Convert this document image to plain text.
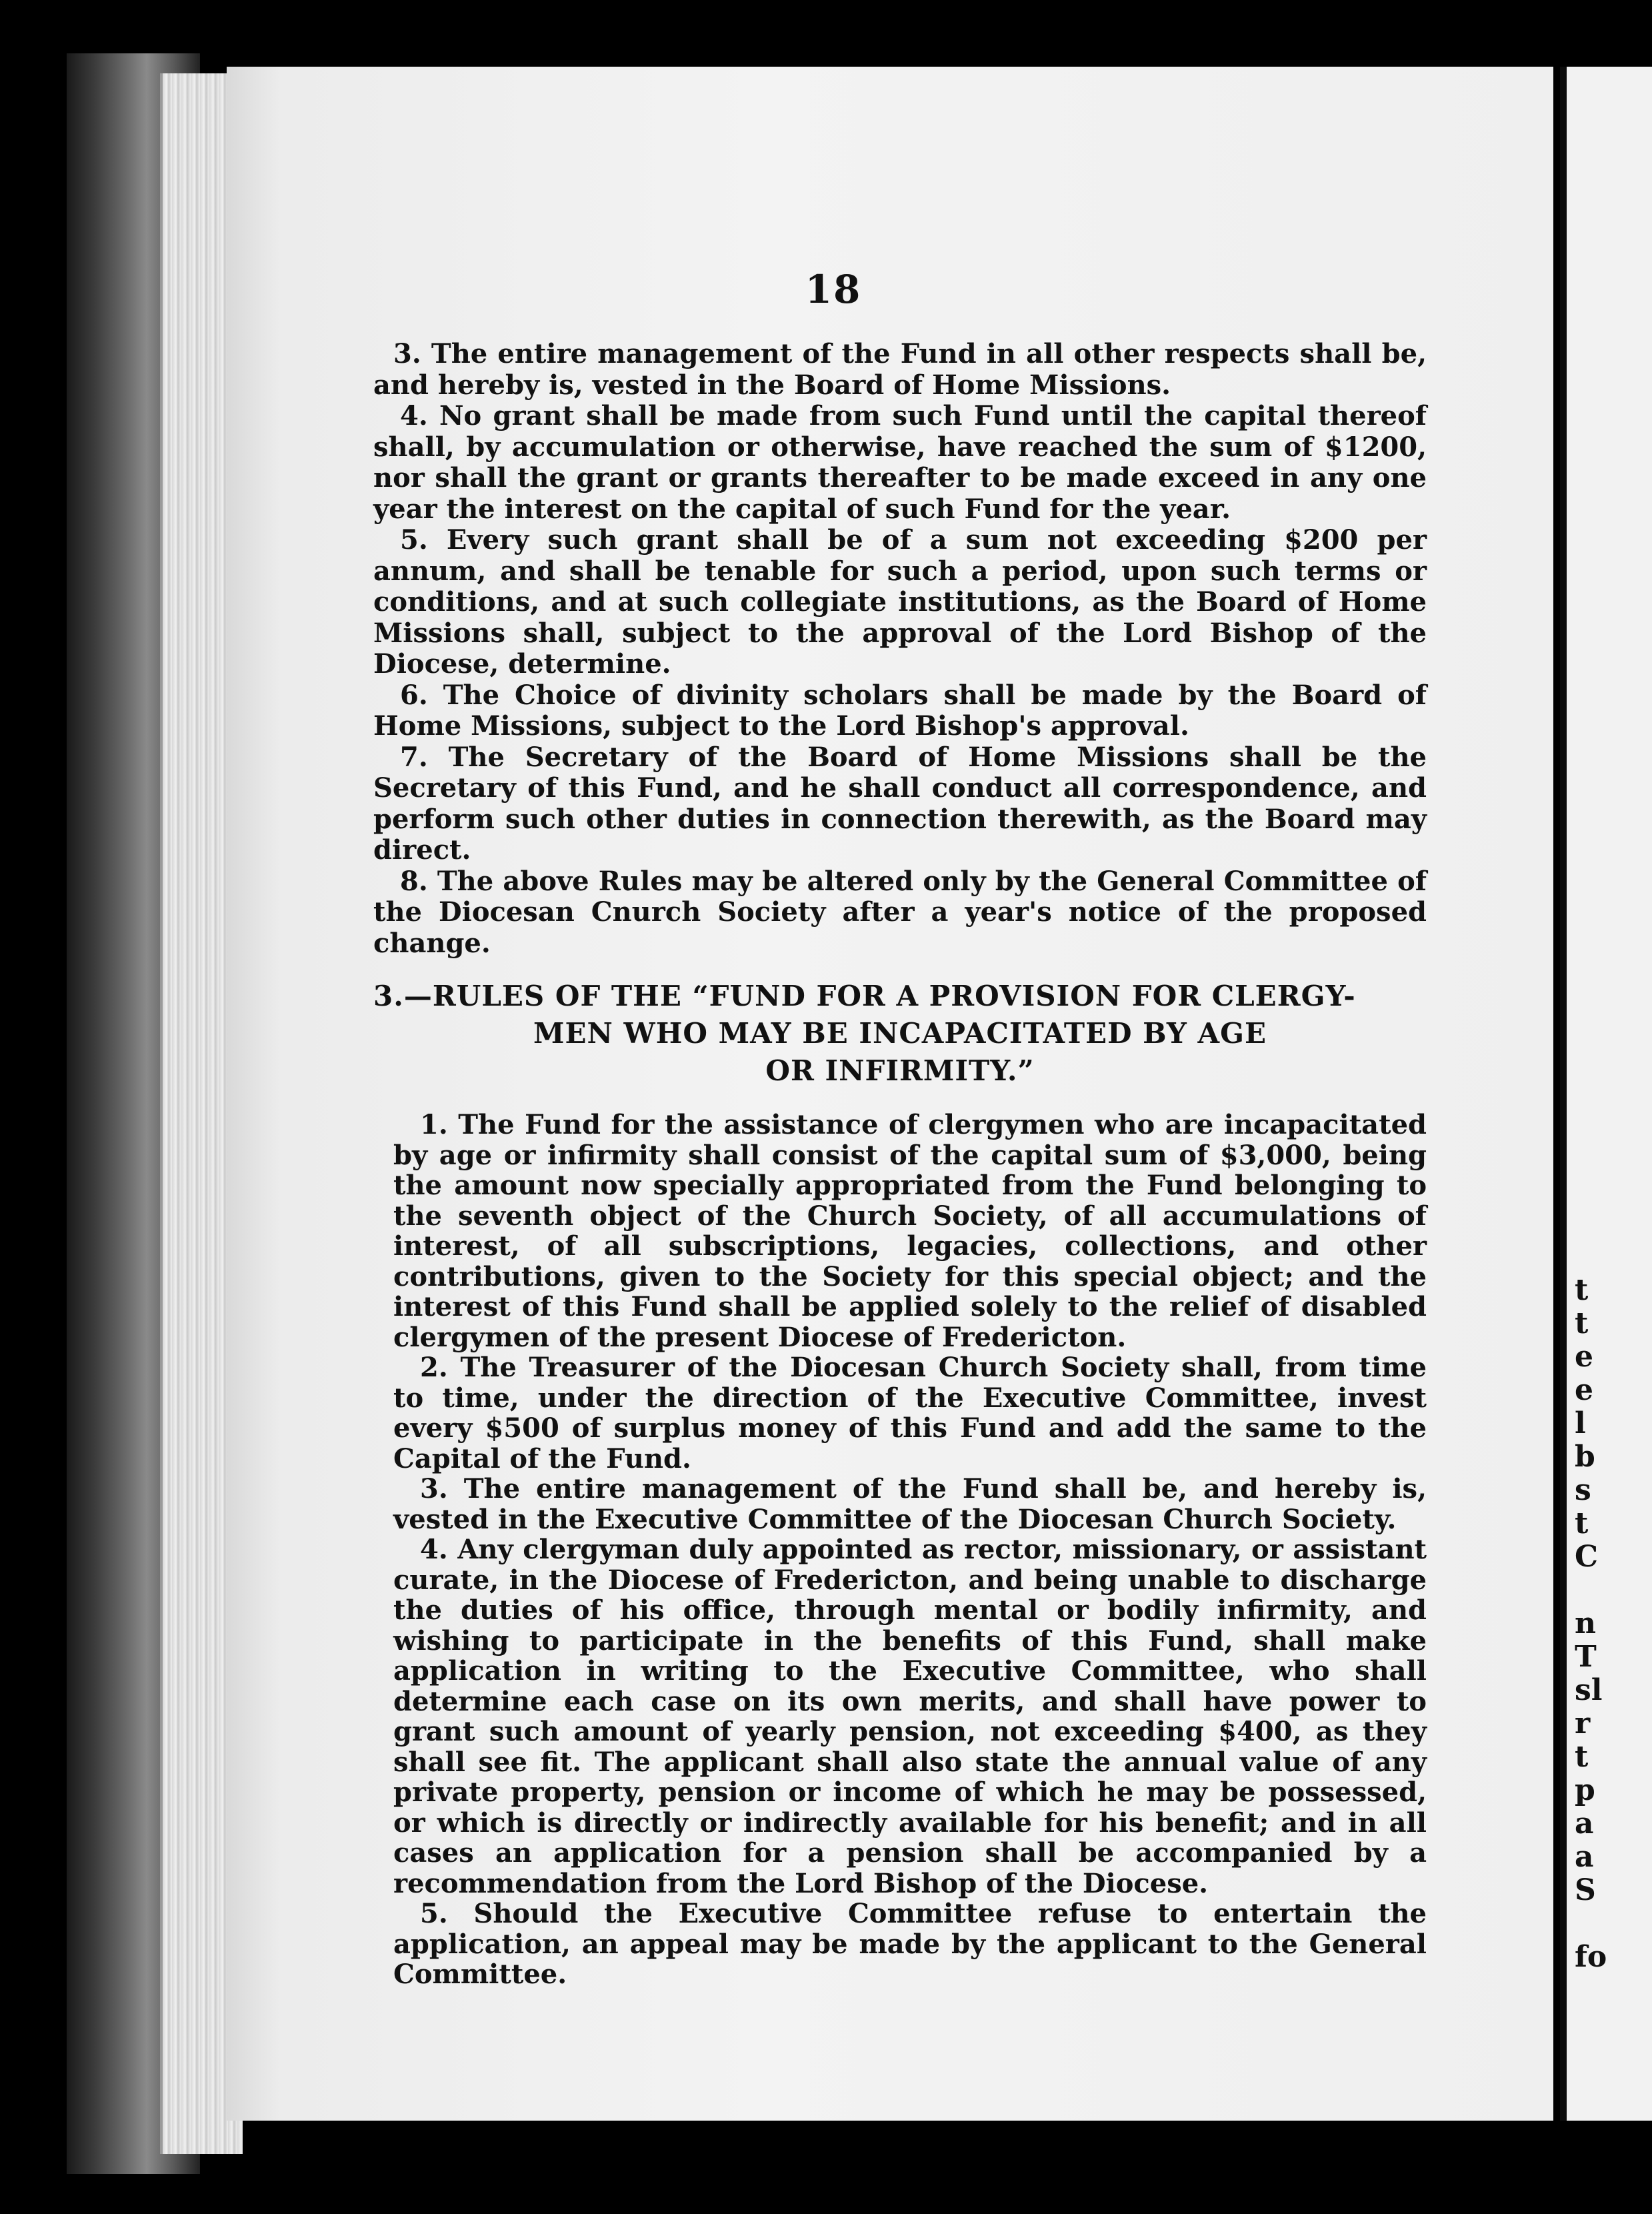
t
t
e
e
l
b
s
t
C
n
T
sl
r
t
p
a
a
S
fo
18

3. The entire management of the Fund in all other respects shall be, and hereby is, vested in the Board of Home Missions.

4. No grant shall be made from such Fund until the capital thereof shall, by accumulation or otherwise, have reached the sum of $1200, nor shall the grant or grants thereafter to be made exceed in any one year the interest on the capital of such Fund for the year.

5. Every such grant shall be of a sum not exceeding $200 per annum, and shall be tenable for such a period, upon such terms or conditions, and at such collegiate institutions, as the Board of Home Missions shall, subject to the approval of the Lord Bishop of the Diocese, determine.

6. The Choice of divinity scholars shall be made by the Board of Home Missions, subject to the Lord Bishop's approval.

7. The Secretary of the Board of Home Missions shall be the Secretary of this Fund, and he shall conduct all correspondence, and perform such other duties in connection therewith, as the Board may direct.

8. The above Rules may be altered only by the General Committee of the Diocesan Cnurch Society after a year's notice of the proposed change.

3.—RULES OF THE “FUND FOR A PROVISION FOR CLERGY-
MEN WHO MAY BE INCAPACITATED BY AGE
OR INFIRMITY.”

1. The Fund for the assistance of clergymen who are incapacitated by age or infirmity shall consist of the capital sum of $3,000, being the amount now specially appropriated from the Fund belonging to the seventh object of the Church Society, of all accumulations of interest, of all subscriptions, legacies, collections, and other contributions, given to the Society for this special object; and the interest of this Fund shall be applied solely to the relief of disabled clergymen of the present Diocese of Fredericton.

2. The Treasurer of the Diocesan Church Society shall, from time to time, under the direction of the Executive Committee, invest every $500 of surplus money of this Fund and add the same to the Capital of the Fund.

3. The entire management of the Fund shall be, and hereby is, vested in the Executive Committee of the Diocesan Church Society.

4. Any clergyman duly appointed as rector, missionary, or assistant curate, in the Diocese of Fredericton, and being unable to discharge the duties of his office, through mental or bodily infirmity, and wishing to participate in the benefits of this Fund, shall make application in writing to the Executive Committee, who shall determine each case on its own merits, and shall have power to grant such amount of yearly pension, not exceeding $400, as they shall see fit. The applicant shall also state the annual value of any private property, pension or income of which he may be possessed, or which is directly or indirectly available for his benefit; and in all cases an application for a pension shall be accompanied by a recommendation from the Lord Bishop of the Diocese.

5. Should the Executive Committee refuse to entertain the application, an appeal may be made by the applicant to the General Committee.
